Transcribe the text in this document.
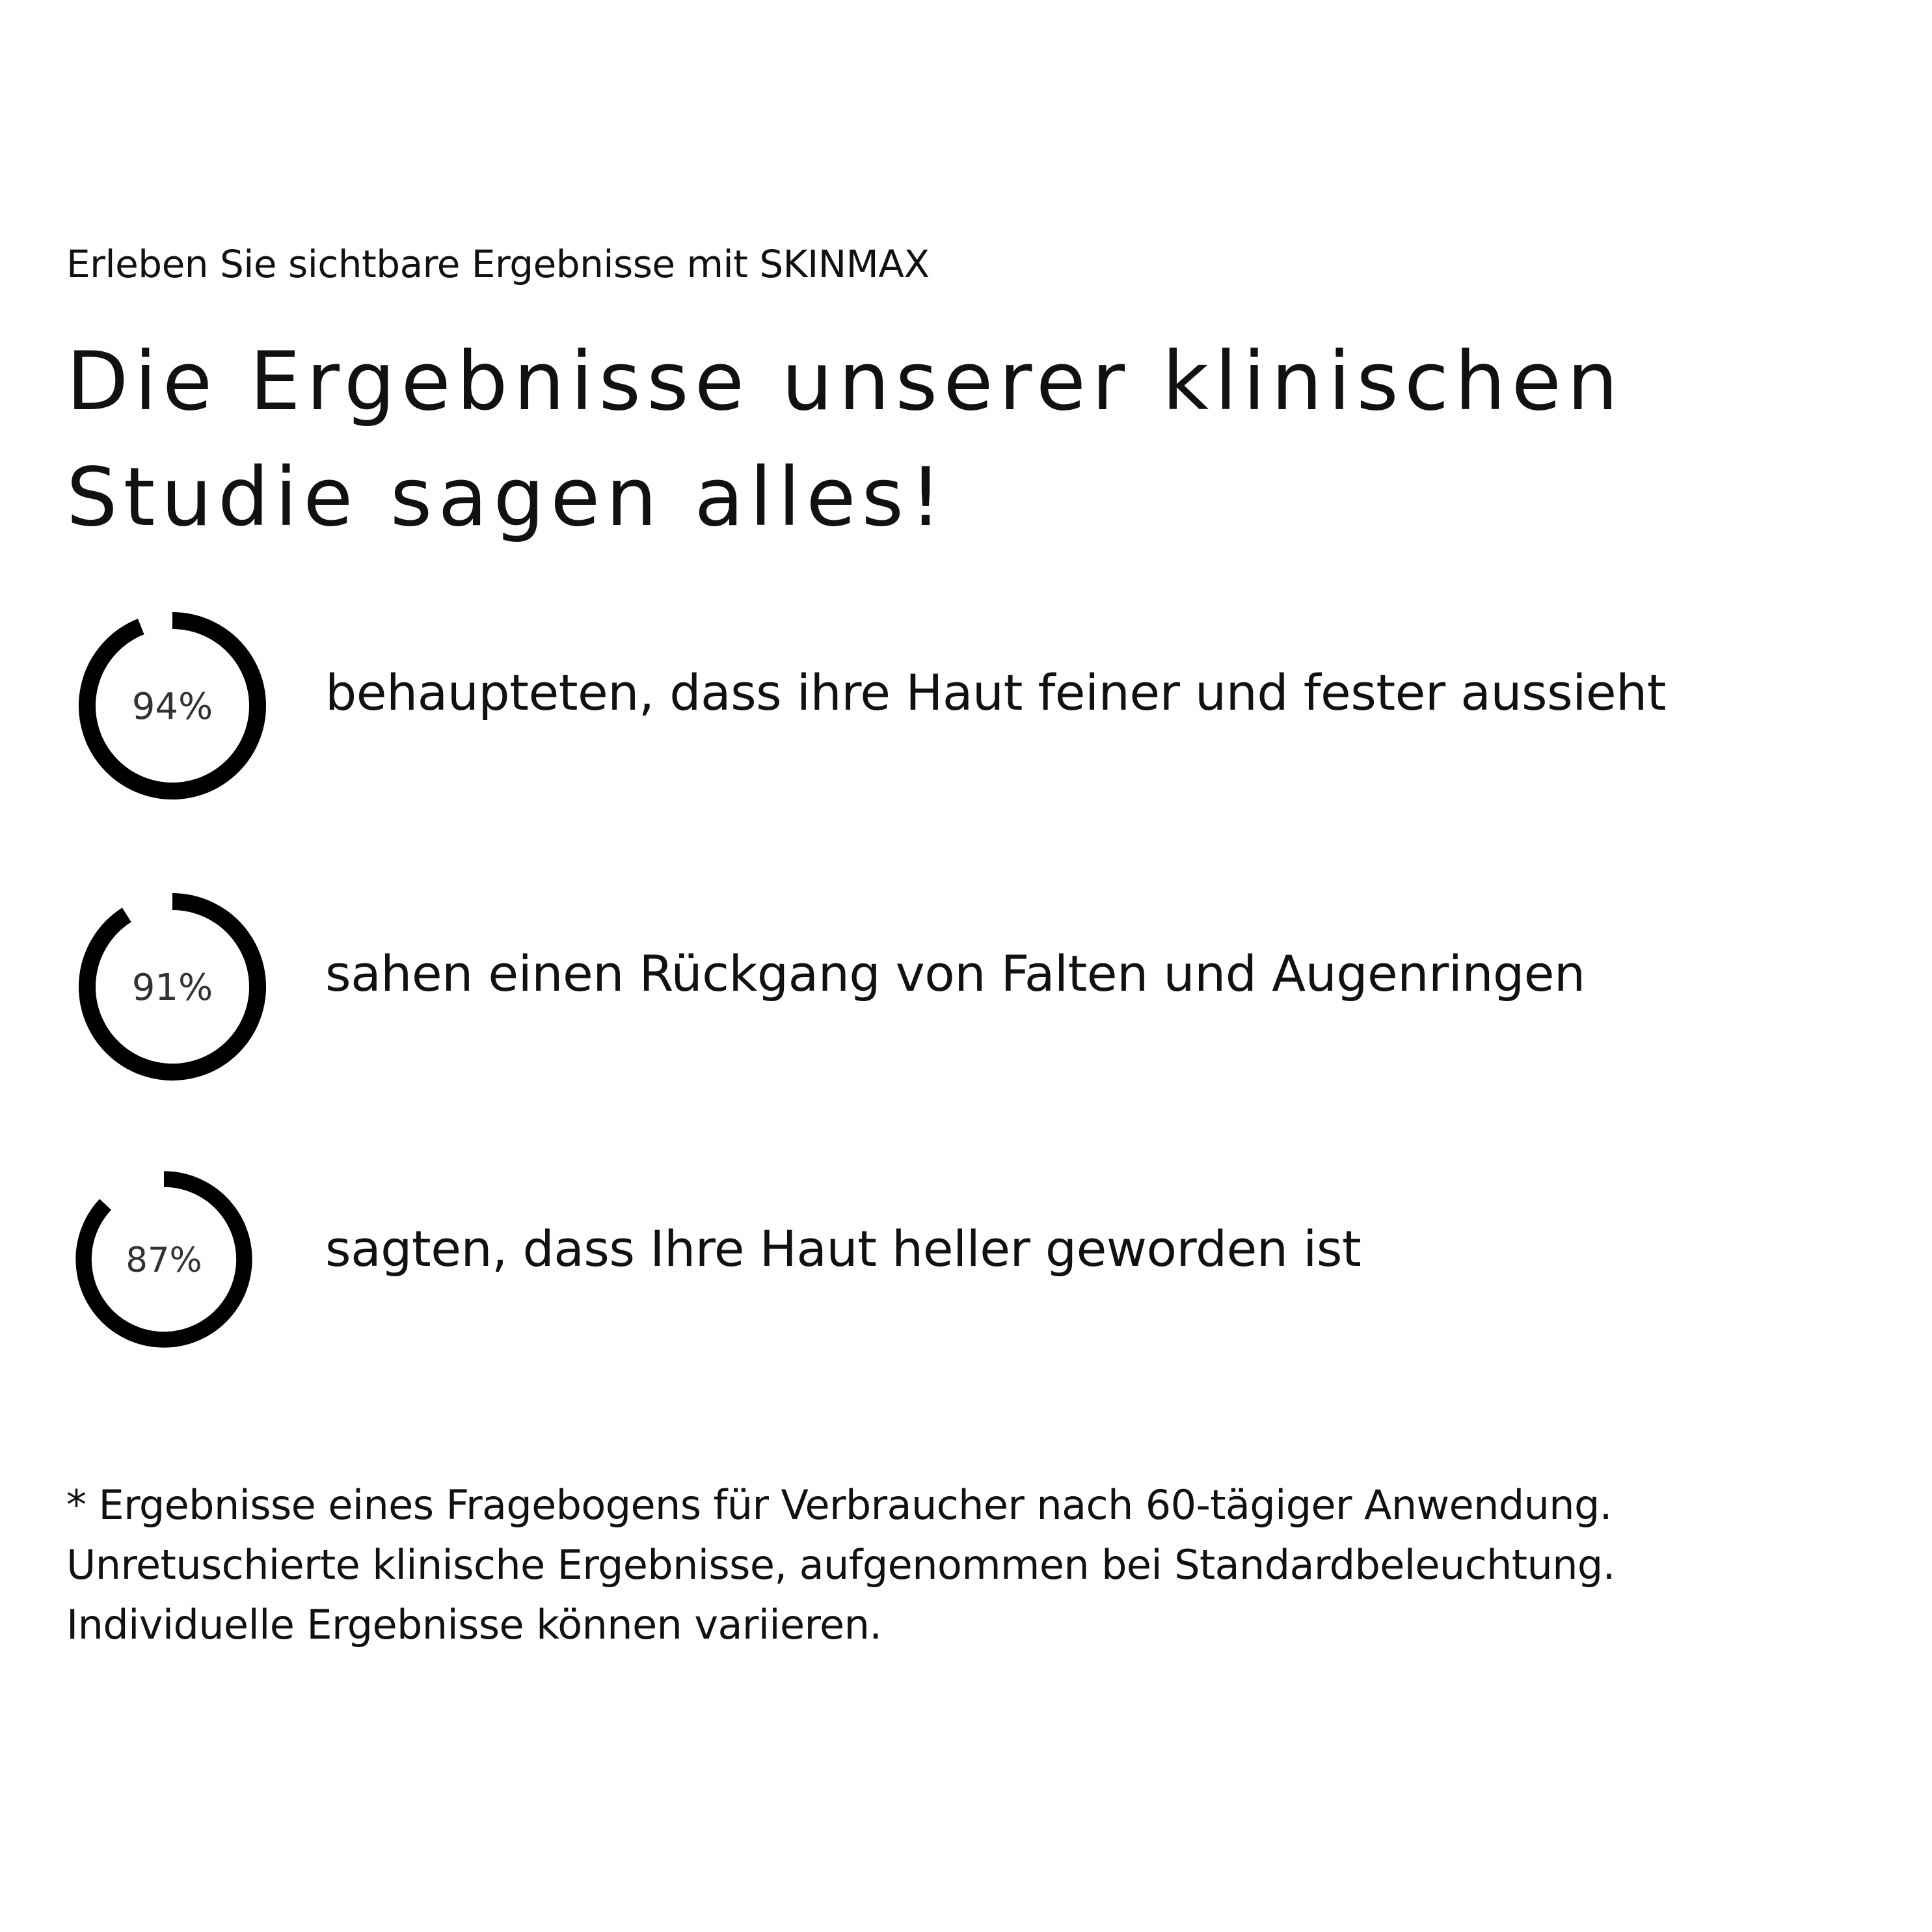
Erleben Sie sichtbare Ergebnisse mit SKINMAX
Die Ergebnisse unserer klinischen
Studie sagen alles!
94% behaupteten, dass ihre Haut feiner und fester aussieht
91% sahen einen Rückgang von Falten und Augenringen
87% sagten, dass Ihre Haut heller geworden ist
* Ergebnisse eines Fragebogens für Verbraucher nach 60-tägiger Anwendung.
Unretuschierte klinische Ergebnisse, aufgenommen bei Standardbeleuchtung.
Individuelle Ergebnisse können variieren.
